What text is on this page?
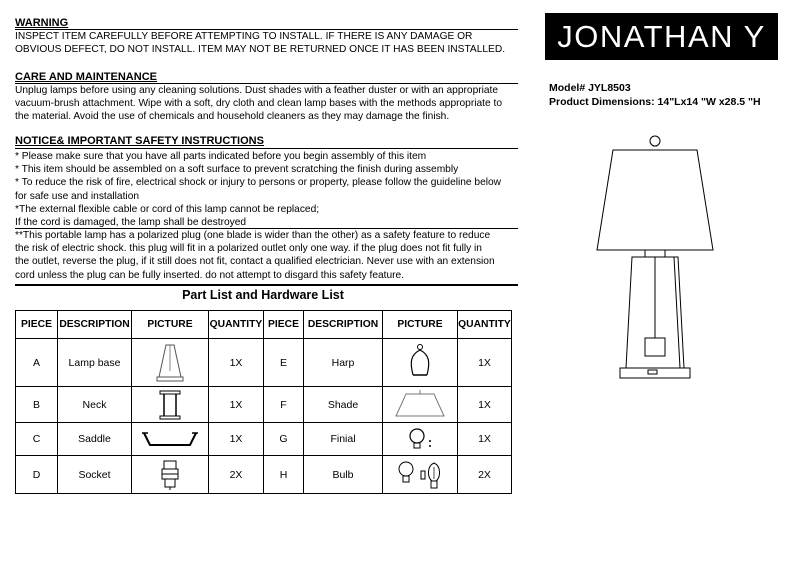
WARNING
INSPECT ITEM CAREFULLY BEFORE ATTEMPTING TO INSTALL. IF THERE IS ANY DAMAGE OR
OBVIOUS DEFECT, DO NOT INSTALL. ITEM MAY NOT BE RETURNED ONCE IT HAS BEEN INSTALLED.
CARE AND MAINTENANCE
Unplug lamps before using any cleaning solutions. Dust shades with a feather duster or with an appropriate
vacuum-brush attachment. Wipe with a soft, dry cloth and clean lamp bases with the methods appropriate to
the material. Avoid the use of chemicals and household cleaners as they may damage the finish.
NOTICE& IMPORTANT SAFETY INSTRUCTIONS
* Please make sure that you have all parts indicated before you begin assembly of this item
* This item should be assembled on a soft surface to prevent scratching the finish during assembly
* To reduce the risk of fire, electrical shock or injury to persons or property, please follow the guideline below
for safe use and installation
*The external flexible cable or cord of this lamp cannot be replaced;
If the cord is damaged, the lamp shall be destroyed
**This portable lamp has a polarized plug (one blade is wider than the other) as a safety feature to reduce
the risk of electric shock. this plug will fit in a polarized outlet only one way. if the plug does not fit fully in
the outlet, reverse the plug, if it still does not fit, contact a qualified electrician. Never use with an extension
cord unless the plug can be fully inserted. do not attempt to disgard this safety feature.
JONATHAN Y
Model# JYL8503
Product Dimensions: 14"Lx14 "W x28.5 "H
Part List and Hardware List
PIECE	DESCRIPTION	PICTURE	QUANTITY	PIECE	DESCRIPTION	PICTURE	QUANTITY
A	Lamp base		1X	E	Harp		1X
B	Neck		1X	F	Shade		1X
C	Saddle		1X	G	Finial		1X
D	Socket		2X	H	Bulb		2X
